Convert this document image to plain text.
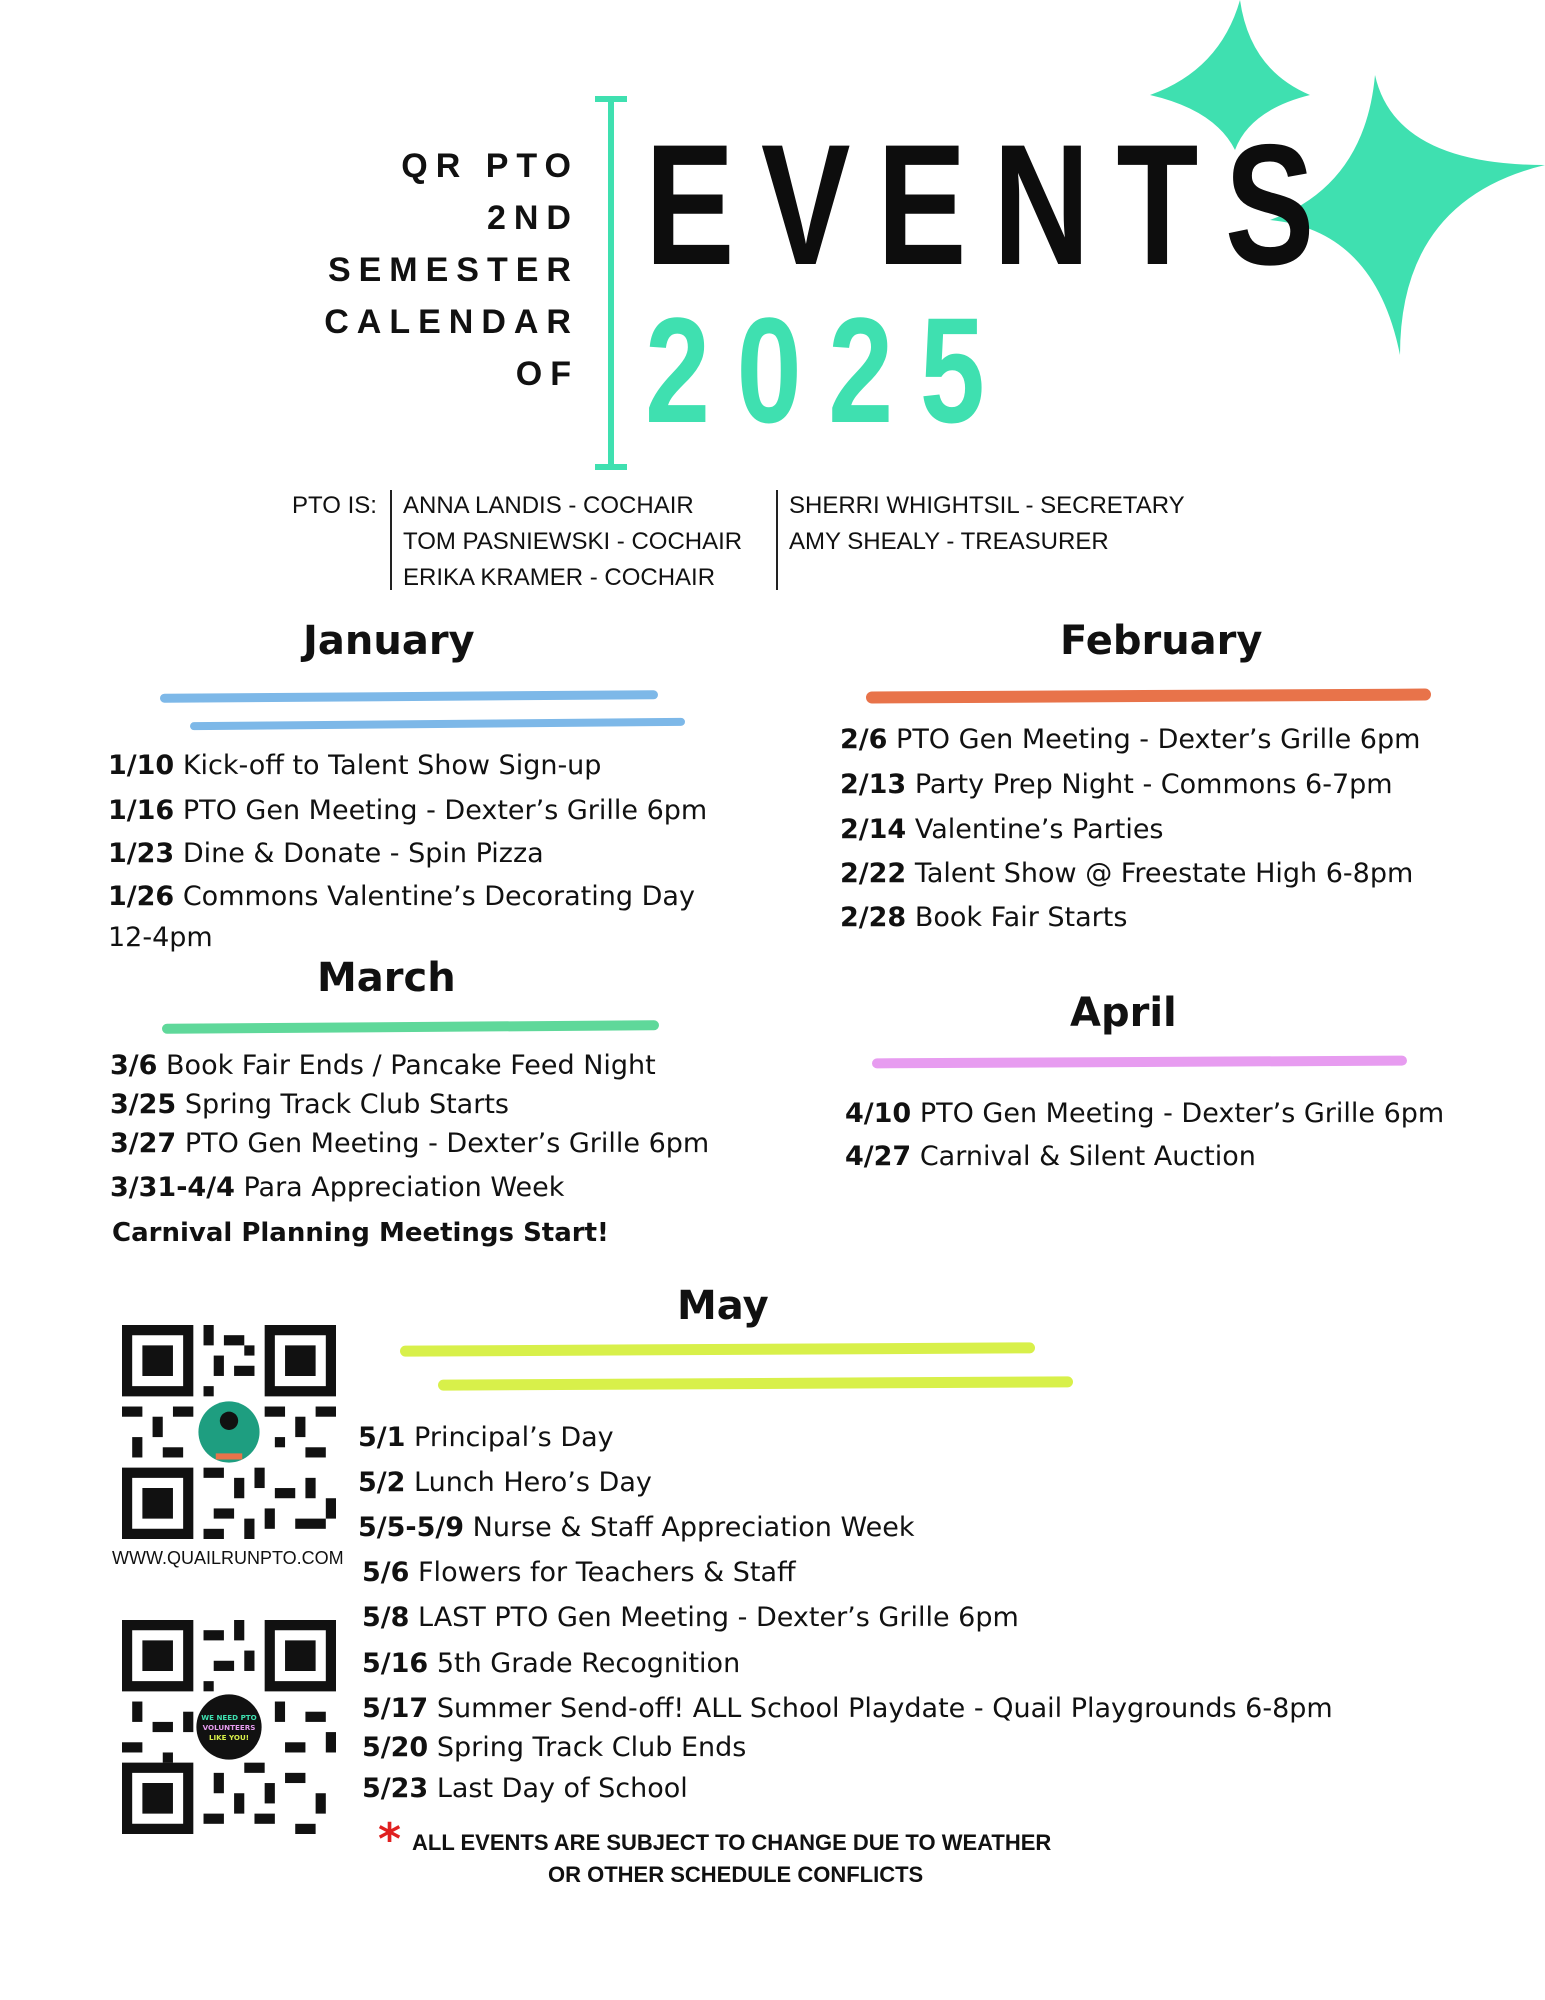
QR PTO
2ND
SEMESTER
CALENDAR
OF
EVENTS
2025
PTO IS: ANNA LANDIS - COCHAIR
TOM PASNIEWSKI - COCHAIR
ERIKA KRAMER - COCHAIR
SHERRI WHIGHTSIL - SECRETARY
AMY SHEALY - TREASURER
January
1/10 Kick-off to Talent Show Sign-up
1/16 PTO Gen Meeting - Dexter’s Grille 6pm
1/23 Dine & Donate - Spin Pizza
1/26 Commons Valentine’s Decorating Day
12-4pm
February
2/6 PTO Gen Meeting - Dexter’s Grille 6pm
2/13 Party Prep Night - Commons 6-7pm
2/14 Valentine’s Parties
2/22 Talent Show @ Freestate High 6-8pm
2/28 Book Fair Starts
March
3/6 Book Fair Ends / Pancake Feed Night
3/25 Spring Track Club Starts
3/27 PTO Gen Meeting - Dexter’s Grille 6pm
3/31-4/4 Para Appreciation Week
Carnival Planning Meetings Start!
April
4/10 PTO Gen Meeting - Dexter’s Grille 6pm
4/27 Carnival & Silent Auction
May
5/1 Principal’s Day
5/2 Lunch Hero’s Day
5/5-5/9 Nurse & Staff Appreciation Week
5/6 Flowers for Teachers & Staff
5/8 LAST PTO Gen Meeting - Dexter’s Grille 6pm
5/16 5th Grade Recognition
5/17 Summer Send-off! ALL School Playdate - Quail Playgrounds 6-8pm
5/20 Spring Track Club Ends
5/23 Last Day of School
WWW.QUAILRUNPTO.COM
* ALL EVENTS ARE SUBJECT TO CHANGE DUE TO WEATHER
OR OTHER SCHEDULE CONFLICTS
